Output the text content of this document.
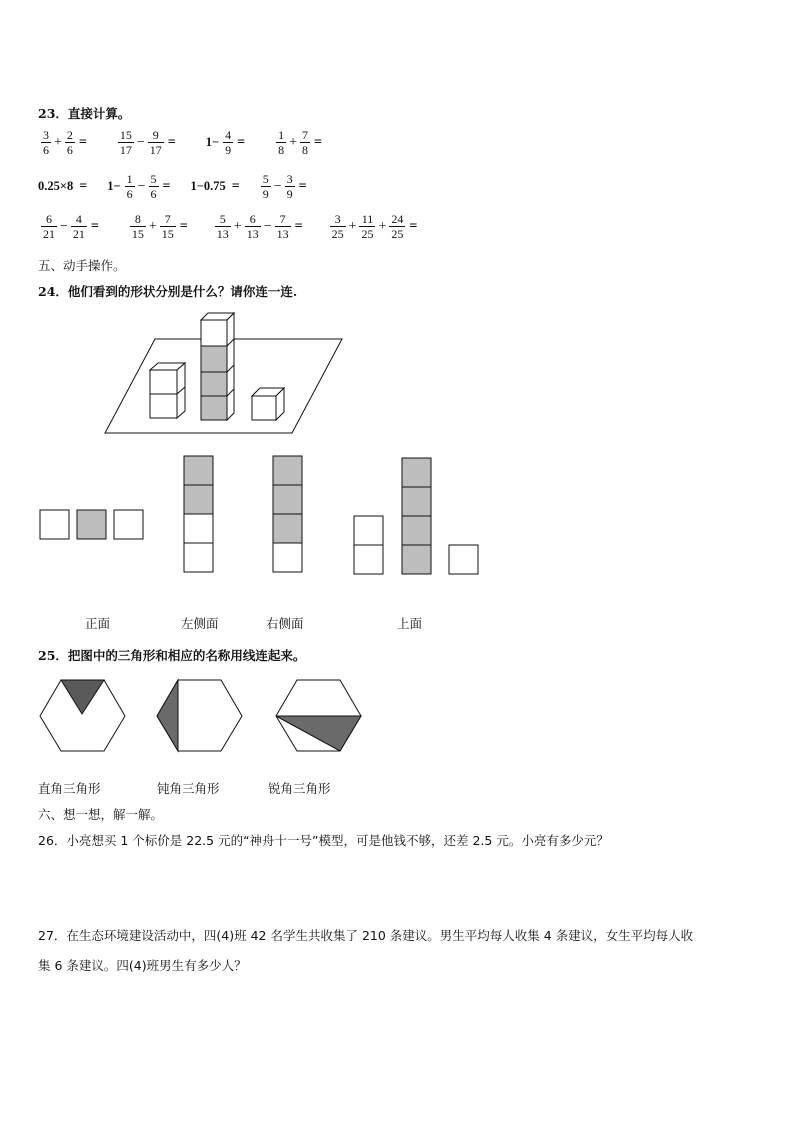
23．直接计算。
$\frac{3}{6} + \frac{2}{6}$ =	$\frac{15}{17} - \frac{9}{17} = 1- \frac{4}{9}$ =	$\frac{1}{8} + \frac{7}{8}$ =
$0.25\times 8 = 1- \frac{1}{6} - \frac{5}{6} = 1-0.75 = \frac{5}{9} - \frac{3}{9}$ =
$\frac{6}{21} - \frac{4}{21}$ =	$\frac{8}{15} + \frac{7}{15} = \frac{5}{13} + \frac{6}{13} - \frac{7}{13} = \frac{3}{25} + \frac{11}{25} + \frac{24}{25}$ =
五、动手操作。
24．他们看到的形状分别是什么？请你连一连.
正面	左侧面	右侧面	上面
25．把图中的三角形和相应的名称用线连起来。
直角三角形	钝角三角形	锐角三角形
六、想一想，解一解。
26．小亮想买 1 个标价是 22.5 元的“神舟十一号”模型，可是他钱不够，还差 2.5 元。小亮有多少元？
27．在生态环境建设活动中，四(4)班 42 名学生共收集了 210 条建议。男生平均每人收集 4 条建议，女生平均每人收
集 6 条建议。四(4)班男生有多少人？
